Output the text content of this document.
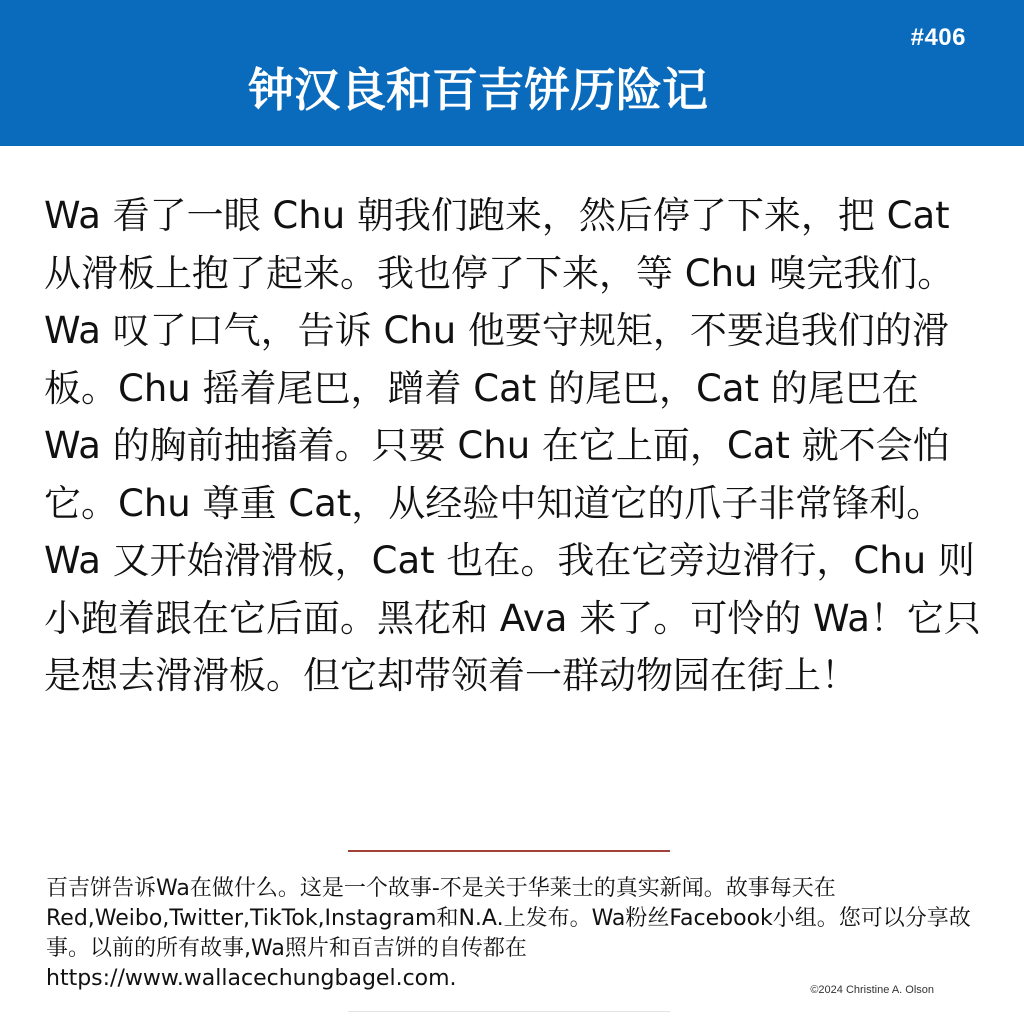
#406
钟汉良和百吉饼历险记

Wa 看了一眼 Chu 朝我们跑来，然后停了下来，把 Cat 从滑板上抱了起来。我也停了下来，等 Chu 嗅完我们。Wa 叹了口气，告诉 Chu 他要守规矩，不要追我们的滑板。Chu 摇着尾巴，蹭着 Cat 的尾巴，Cat 的尾巴在 Wa 的胸前抽搐着。只要 Chu 在它上面，Cat 就不会怕它。Chu 尊重 Cat，从经验中知道它的爪子非常锋利。Wa 又开始滑滑板，Cat 也在。我在它旁边滑行，Chu 则小跑着跟在它后面。黑花和 Ava 来了。可怜的 Wa！它只是想去滑滑板。但它却带领着一群动物园在街上！

百吉饼告诉Wa在做什么。这是一个故事-不是关于华莱士的真实新闻。故事每天在Red,Weibo,Twitter,TikTok,Instagram和N.A.上发布。Wa粉丝Facebook小组。您可以分享故事。以前的所有故事,Wa照片和百吉饼的自传都在
https://www.wallacechungbagel.com.	©2024 Christine A. Olson
